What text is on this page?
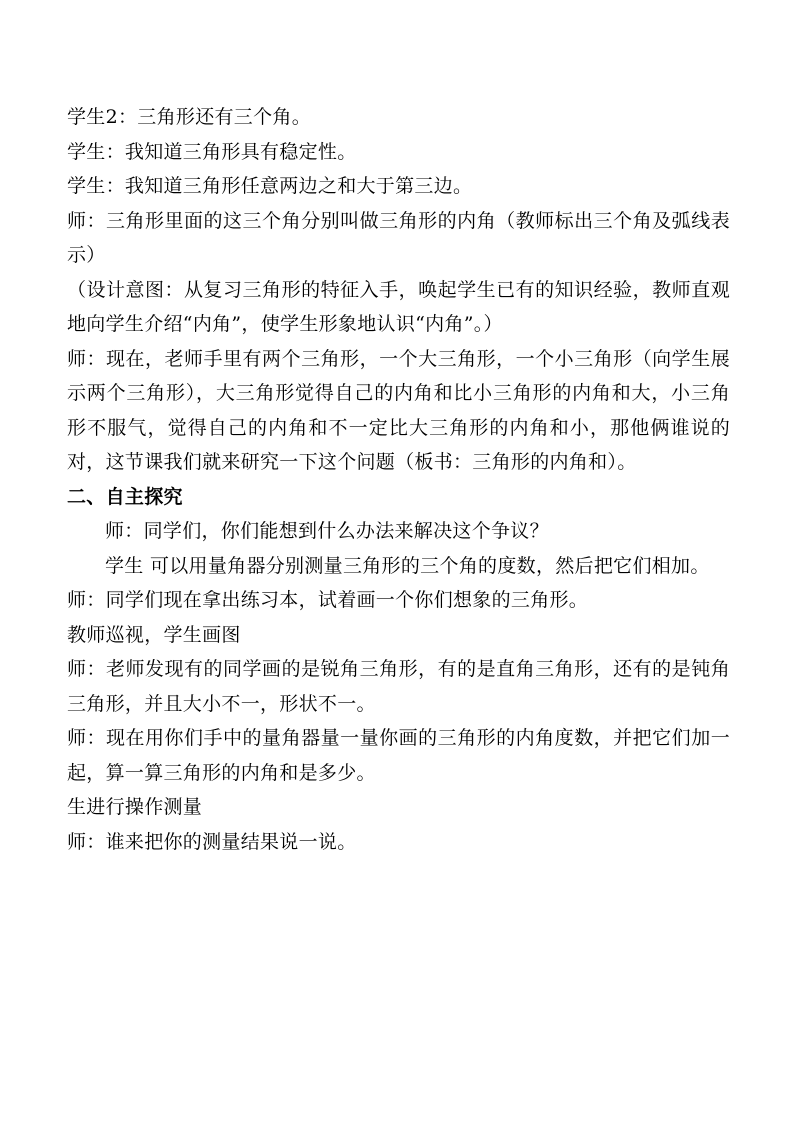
学生2：三角形还有三个角。

学生：我知道三角形具有稳定性。

学生：我知道三角形任意两边之和大于第三边。

师：三角形里面的这三个角分别叫做三角形的内角（教师标出三个角及弧线表示）

（设计意图：从复习三角形的特征入手，唤起学生已有的知识经验，教师直观地向学生介绍“内角”，使学生形象地认识“内角”。）

师：现在，老师手里有两个三角形，一个大三角形，一个小三角形（向学生展示两个三角形），大三角形觉得自己的内角和比小三角形的内角和大，小三角形不服气，觉得自己的内角和不一定比大三角形的内角和小，那他俩谁说的对，这节课我们就来研究一下这个问题（板书：三角形的内角和）。

二、自主探究

师：同学们，你们能想到什么办法来解决这个争议？

学生 可以用量角器分别测量三角形的三个角的度数，然后把它们相加。

师：同学们现在拿出练习本，试着画一个你们想象的三角形。

教师巡视，学生画图

师：老师发现有的同学画的是锐角三角形，有的是直角三角形，还有的是钝角三角形，并且大小不一，形状不一。

师：现在用你们手中的量角器量一量你画的三角形的内角度数，并把它们加一起，算一算三角形的内角和是多少。

生进行操作测量

师：谁来把你的测量结果说一说。
